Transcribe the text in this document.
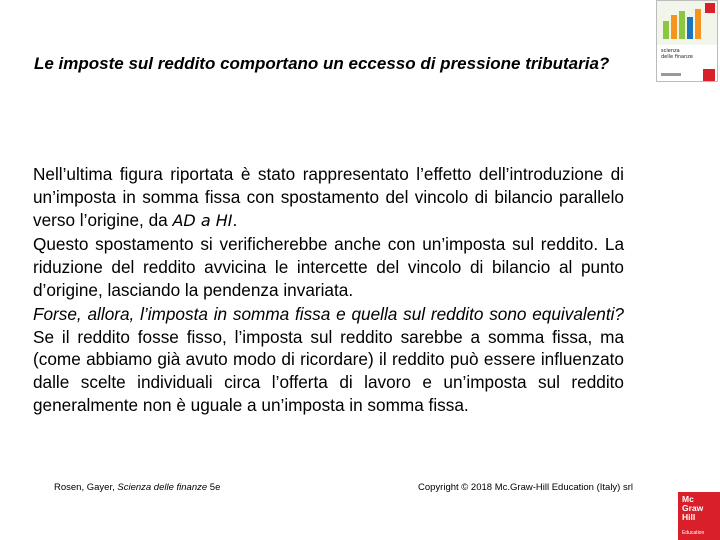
Le imposte sul reddito comportano un eccesso di pressione tributaria?

Nell’ultima figura riportata è stato rappresentato l’effetto dell’introduzione di un’imposta in somma fissa con spostamento del vincolo di bilancio parallelo verso l’origine, da AD a HI.

Questo spostamento si verificherebbe anche con un’imposta sul reddito. La riduzione del reddito avvicina le intercette del vincolo di bilancio al punto d’origine, lasciando la pendenza invariata.

Forse, allora, l’imposta in somma fissa e quella sul reddito sono equivalenti? Se il reddito fosse fisso, l’imposta sul reddito sarebbe a somma fissa, ma (come abbiamo già avuto modo di ricordare) il reddito può essere influenzato dalle scelte individuali circa l’offerta di lavoro e un’imposta sul reddito generalmente non è uguale a un’imposta in somma fissa.

scienza
delle finanze
Rosen, Gayer, Scienza delle finanze 5e	Copyright © 2018 Mc.Graw-Hill Education (Italy) srl
Mc
Graw
Hill
Education
